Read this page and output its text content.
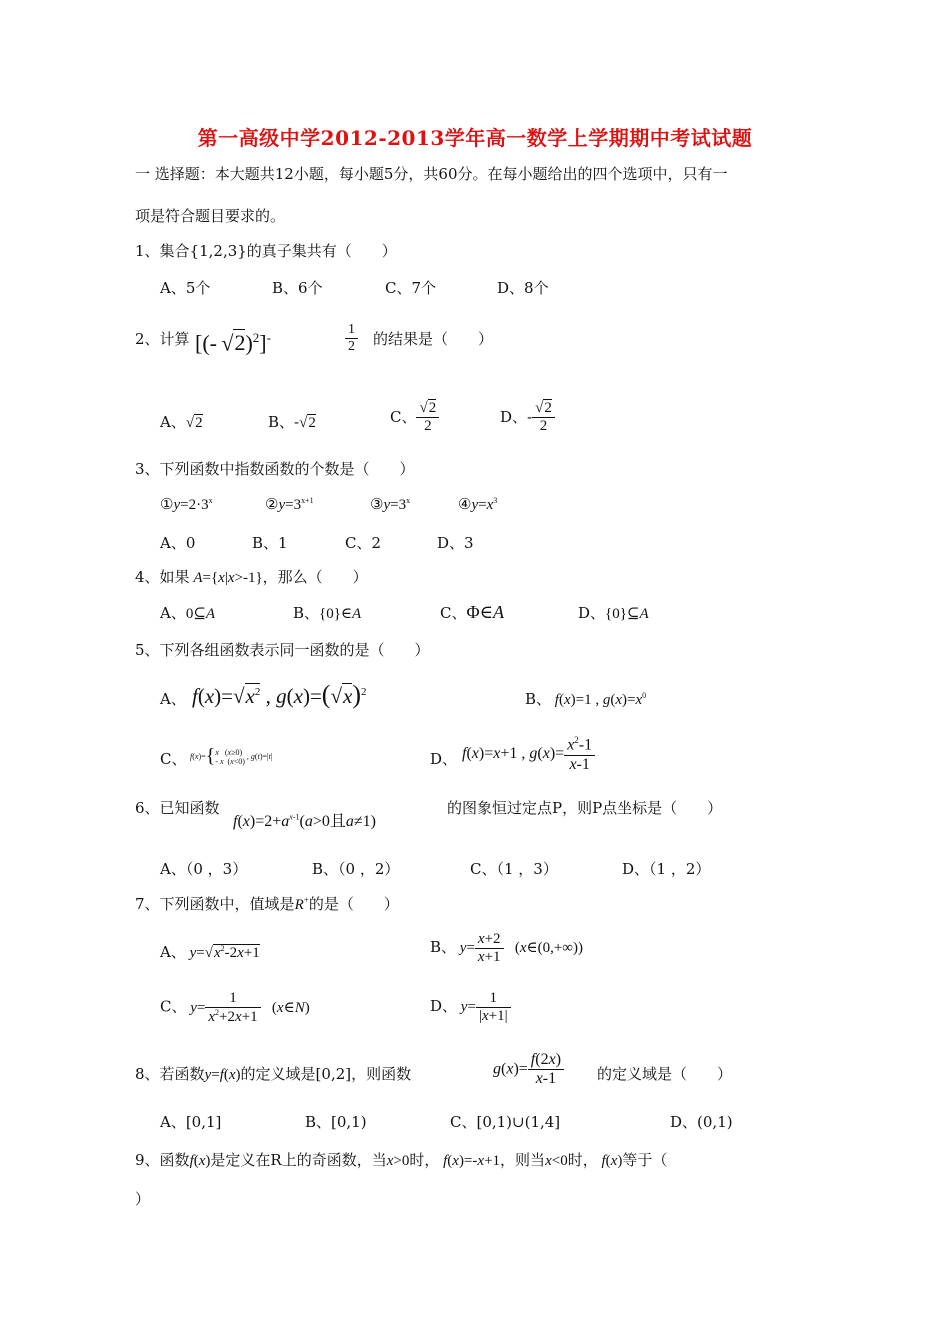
第一高级中学2012-2013学年高一数学上学期期中考试试题
一 选择题：本大题共12小题，每小题5分，共60分。在每小题给出的四个选项中，只有一
项是符合题目要求的。
1、集合{1,2,3}的真子集共有（　　）
A、5个	B、6个	C、7个	D、8个
2、计算 [(- √2)$^2$]-	$\frac{1}{2}$ 的结果是（　　）
A、√2	B、-√2	C、 $\frac{√2}{2}$	D、- $\frac{√2}{2}$
3、下列函数中指数函数的个数是（　　）
$①y=2\cdot 3^x$	$②y=3^{x+1}$	$③y=3^x$	$④y=x^3$
A、0	B、1	C、2	D、3
4、如果 A={x|x>-1}，那么（　　）
A、0⊆A	B、{0}∈A	C、Φ∈A	D、{0}⊆A
5、下列各组函数表示同一函数的是（　　）
A、 $f(x)=√x^2$ , $g(x)=(√x)^2$	B、 f(x)=1 , $g(x)=x^0$
C、 f(x)={x   (x≥0)
- x  (x<0) , g(t)=|t|	D、 f(x)=x+1 , $g(x)= \frac{x^2-1}{x-1}$
6、已知函数
$f(x)=2+a^{x-1}(a>0$且a≠1)
的图象恒过定点P，则P点坐标是（　　）
A、（0 ，3）	B、（0 ，2）	C、（1 ，3）	D、（1 ，2）
7、下列函数中，值域是R+的是（　　）
A、 $y=√x^2-2x+1$	B、 $y= \frac{x+2}{x+1}$ (x∈(0,+∞))
C、 $y= \frac{1}{x^2+2x+1}$ (x∈N)	D、 $y= \frac{1}{|x+1|}$
8、若函数y=f(x)的定义域是[0,2]，则函数	$g(x)= \frac{f(2x)}{x-1}$ 的定义域是（　　）
A、[0,1]	B、[0,1)	C、[0,1)∪(1,4]	D、(0,1)
9、函数f(x)是定义在R上的奇函数，当x>0时， f(x)=-x+1，则当x<0时， f(x)等于（
）
